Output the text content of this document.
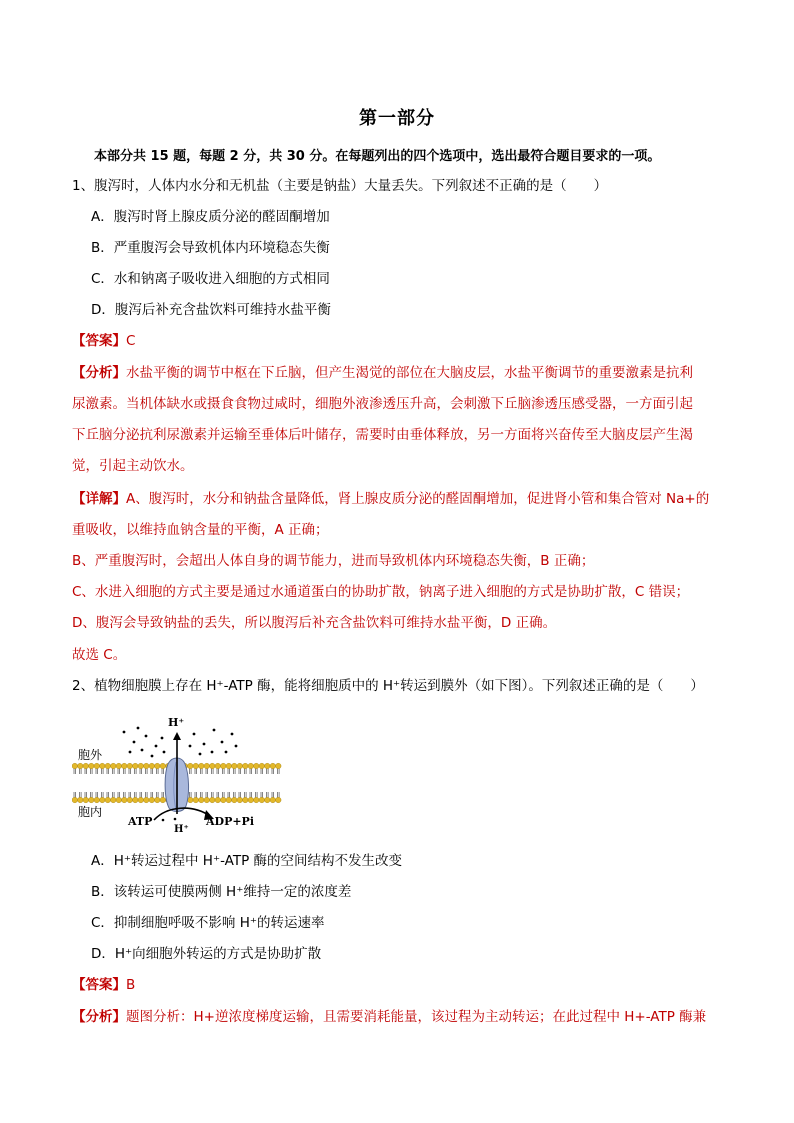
第一部分
本部分共 15 题，每题 2 分，共 30 分。在每题列出的四个选项中，选出最符合题目要求的一项。
1、腹泻时，人体内水分和无机盐（主要是钠盐）大量丢失。下列叙述不正确的是（　　）
A．腹泻时肾上腺皮质分泌的醛固酮增加
B．严重腹泻会导致机体内环境稳态失衡
C．水和钠离子吸收进入细胞的方式相同
D．腹泻后补充含盐饮料可维持水盐平衡
【答案】C
【分析】水盐平衡的调节中枢在下丘脑，但产生渴觉的部位在大脑皮层，水盐平衡调节的重要激素是抗利
尿激素。当机体缺水或摄食食物过咸时，细胞外液渗透压升高，会刺激下丘脑渗透压感受器，一方面引起
下丘脑分泌抗利尿激素并运输至垂体后叶储存，需要时由垂体释放，另一方面将兴奋传至大脑皮层产生渴
觉，引起主动饮水。
【详解】A、腹泻时，水分和钠盐含量降低，肾上腺皮质分泌的醛固酮增加，促进肾小管和集合管对 Na+的
重吸收，以维持血钠含量的平衡，A 正确；
B、严重腹泻时，会超出人体自身的调节能力，进而导致机体内环境稳态失衡，B 正确；
C、水进入细胞的方式主要是通过水通道蛋白的协助扩散，钠离子进入细胞的方式是协助扩散，C 错误；
D、腹泻会导致钠盐的丢失，所以腹泻后补充含盐饮料可维持水盐平衡，D 正确。
故选 C。
2、植物细胞膜上存在 H⁺-ATP 酶，能将细胞质中的 H⁺转运到膜外（如下图）。下列叙述正确的是（　　）
H⁺
胞外
胞内
ATP	ADP+Pi
H⁺
A．H⁺转运过程中 H⁺-ATP 酶的空间结构不发生改变
B．该转运可使膜两侧 H⁺维持一定的浓度差
C．抑制细胞呼吸不影响 H⁺的转运速率
D．H⁺向细胞外转运的方式是协助扩散
【答案】B
【分析】题图分析：H+逆浓度梯度运输，且需要消耗能量，该过程为主动转运；在此过程中 H+-ATP 酶兼
